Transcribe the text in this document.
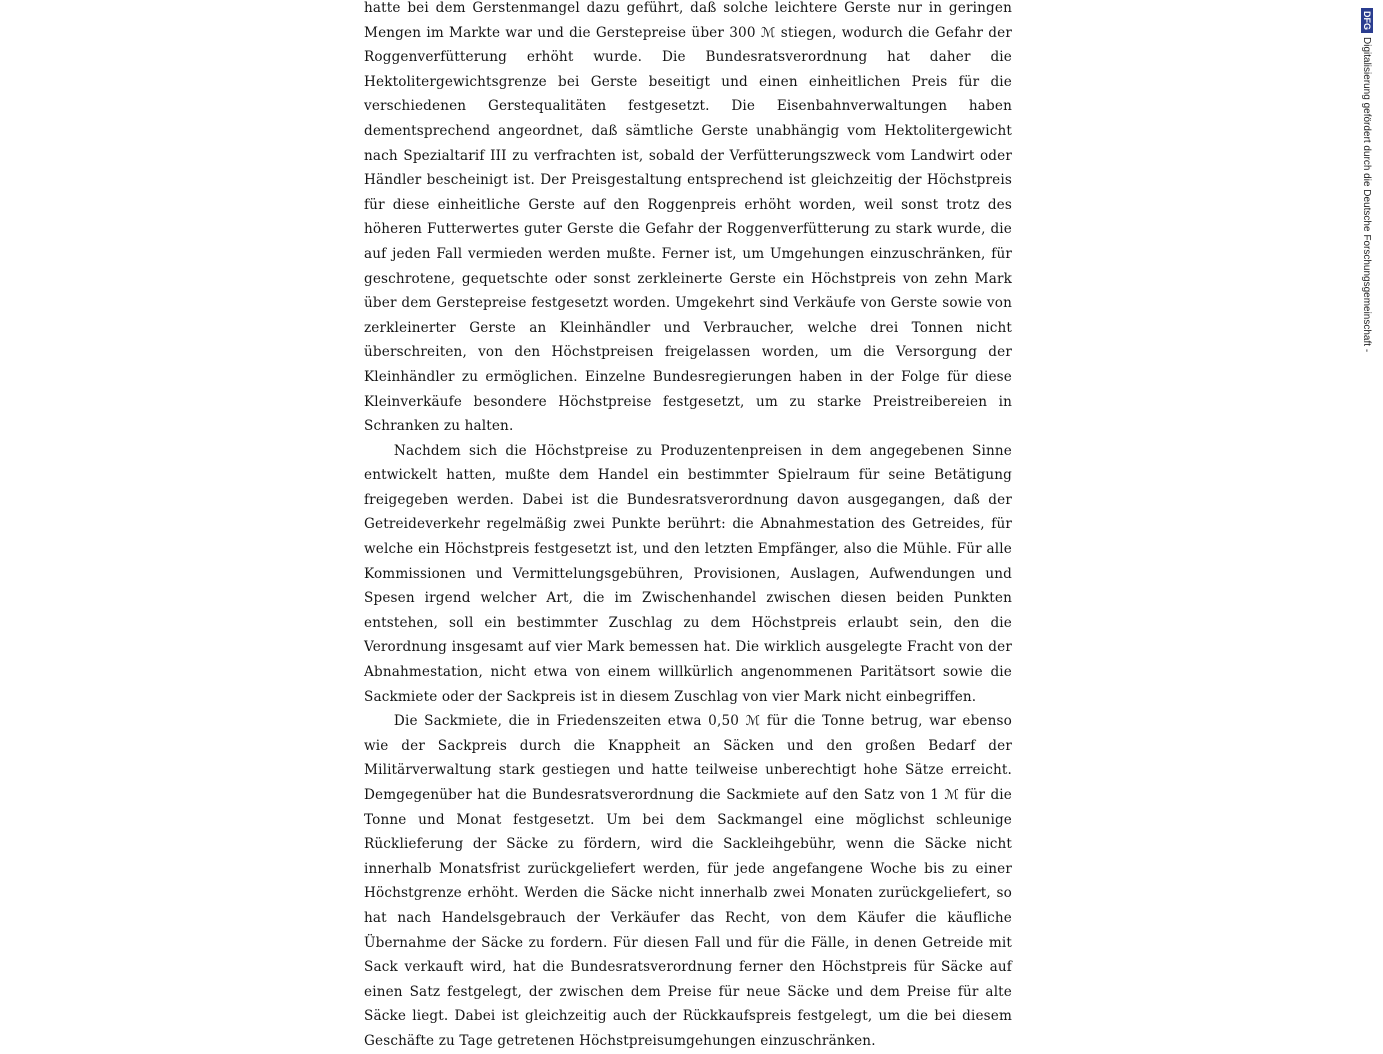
hatte bei dem Gerstenmangel dazu geführt, daß solche leichtere Gerste nur in geringen Mengen im Markte war und die Gerstepreise über 300 ℳ stiegen, wodurch die Gefahr der Roggenverfütterung erhöht wurde. Die Bundesratsverordnung hat daher die Hektolitergewichtsgrenze bei Gerste beseitigt und einen einheitlichen Preis für die verschiedenen Gerstequalitäten festgesetzt. Die Eisenbahnverwaltungen haben dementsprechend angeordnet, daß sämtliche Gerste unabhängig vom Hektolitergewicht nach Spezialtarif III zu verfrachten ist, sobald der Verfütterungszweck vom Landwirt oder Händler bescheinigt ist. Der Preisgestaltung entsprechend ist gleichzeitig der Höchstpreis für diese einheitliche Gerste auf den Roggenpreis erhöht worden, weil sonst trotz des höheren Futterwertes guter Gerste die Gefahr der Roggenverfütterung zu stark wurde, die auf jeden Fall vermieden werden mußte. Ferner ist, um Umgehungen einzuschränken, für geschrotene, gequetschte oder sonst zerkleinerte Gerste ein Höchstpreis von zehn Mark über dem Gerstepreise festgesetzt worden. Umgekehrt sind Verkäufe von Gerste sowie von zerkleinerter Gerste an Kleinhändler und Verbraucher, welche drei Tonnen nicht überschreiten, von den Höchstpreisen freigelassen worden, um die Versorgung der Kleinhändler zu ermöglichen. Einzelne Bundesregierungen haben in der Folge für diese Kleinverkäufe besondere Höchstpreise festgesetzt, um zu starke Preistreibereien in Schranken zu halten.

Nachdem sich die Höchstpreise zu Produzentenpreisen in dem angegebenen Sinne entwickelt hatten, mußte dem Handel ein bestimmter Spielraum für seine Betätigung freigegeben werden. Dabei ist die Bundesratsverordnung davon ausgegangen, daß der Getreideverkehr regelmäßig zwei Punkte berührt: die Abnahmestation des Getreides, für welche ein Höchstpreis festgesetzt ist, und den letzten Empfänger, also die Mühle. Für alle Kommissionen und Vermittelungsgebühren, Provisionen, Auslagen, Aufwendungen und Spesen irgend welcher Art, die im Zwischenhandel zwischen diesen beiden Punkten entstehen, soll ein bestimmter Zuschlag zu dem Höchstpreis erlaubt sein, den die Verordnung insgesamt auf vier Mark bemessen hat. Die wirklich ausgelegte Fracht von der Abnahmestation, nicht etwa von einem willkürlich angenommenen Paritätsort sowie die Sackmiete oder der Sackpreis ist in diesem Zuschlag von vier Mark nicht einbegriffen.

Die Sackmiete, die in Friedenszeiten etwa 0,50 ℳ für die Tonne betrug, war ebenso wie der Sackpreis durch die Knappheit an Säcken und den großen Bedarf der Militärverwaltung stark gestiegen und hatte teilweise unberechtigt hohe Sätze erreicht. Demgegenüber hat die Bundesratsverordnung die Sackmiete auf den Satz von 1 ℳ für die Tonne und Monat festgesetzt. Um bei dem Sackmangel eine möglichst schleunige Rücklieferung der Säcke zu fördern, wird die Sackleihgebühr, wenn die Säcke nicht innerhalb Monatsfrist zurückgeliefert werden, für jede angefangene Woche bis zu einer Höchstgrenze erhöht. Werden die Säcke nicht innerhalb zwei Monaten zurückgeliefert, so hat nach Handelsgebrauch der Verkäufer das Recht, von dem Käufer die käufliche Übernahme der Säcke zu fordern. Für diesen Fall und für die Fälle, in denen Getreide mit Sack verkauft wird, hat die Bundesratsverordnung ferner den Höchstpreis für Säcke auf einen Satz festgelegt, der zwischen dem Preise für neue Säcke und dem Preise für alte Säcke liegt. Dabei ist gleichzeitig auch der Rückkaufspreis festgelegt, um die bei diesem Geschäfte zu Tage getretenen Höchstpreisumgehungen einzuschränken.

DFG
Digitalisierung gefördert durch die Deutsche Forschungsgemeinschaft -
